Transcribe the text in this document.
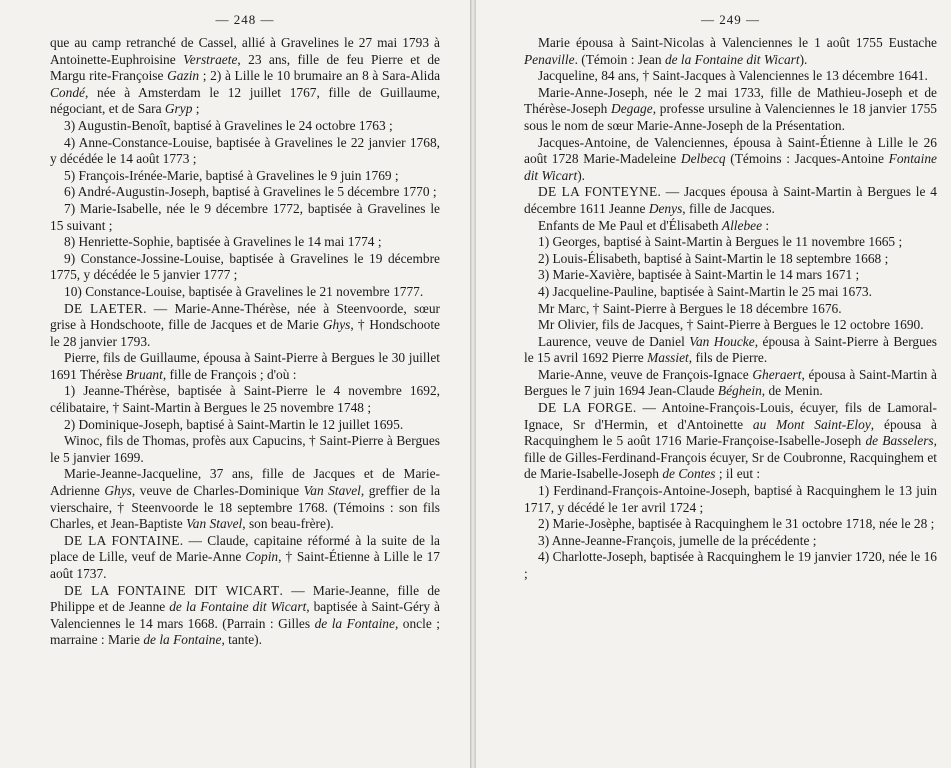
— 248 —

que au camp retranché de Cassel, allié à Gravelines le 27 mai 1793 à Antoinette-Euphroisine Verstraete, 23 ans, fille de feu Pierre et de Margu rite-Françoise Gazin ; 2) à Lille le 10 brumaire an 8 à Sara-Alida Condé, née à Amsterdam le 12 juillet 1767, fille de Guillaume, négociant, et de Sara Gryp ;

3) Augustin-Benoît, baptisé à Gravelines le 24 octobre 1763 ;

4) Anne-Constance-Louise, baptisée à Gravelines le 22 janvier 1768, y décédée le 14 août 1773 ;

5) François-Irénée-Marie, baptisé à Gravelines le 9 juin 1769 ;

6) André-Augustin-Joseph, baptisé à Gravelines le 5 décembre 1770 ;

7) Marie-Isabelle, née le 9 décembre 1772, baptisée à Gravelines le 15 suivant ;

8) Henriette-Sophie, baptisée à Gravelines le 14 mai 1774 ;

9) Constance-Jossine-Louise, baptisée à Gravelines le 19 décembre 1775, y décédée le 5 janvier 1777 ;

10) Constance-Louise, baptisée à Gravelines le 21 novembre 1777.

DE LAETER. — Marie-Anne-Thérèse, née à Steenvoorde, sœur grise à Hondschoote, fille de Jacques et de Marie Ghys, † Hondschoote le 28 janvier 1793.

Pierre, fils de Guillaume, épousa à Saint-Pierre à Bergues le 30 juillet 1691 Thérèse Bruant, fille de François ; d'où :

1) Jeanne-Thérèse, baptisée à Saint-Pierre le 4 novembre 1692, célibataire, † Saint-Martin à Bergues le 25 novembre 1748 ;

2) Dominique-Joseph, baptisé à Saint-Martin le 12 juillet 1695.

Winoc, fils de Thomas, profès aux Capucins, † Saint-Pierre à Bergues le 5 janvier 1699.

Marie-Jeanne-Jacqueline, 37 ans, fille de Jacques et de Marie-Adrienne Ghys, veuve de Charles-Dominique Van Stavel, greffier de la vierschaire, † Steenvoorde le 18 septembre 1768. (Témoins : son fils Charles, et Jean-Baptiste Van Stavel, son beau-frère).

DE LA FONTAINE. — Claude, capitaine réformé à la suite de la place de Lille, veuf de Marie-Anne Copin, † Saint-Étienne à Lille le 17 août 1737.

DE LA FONTAINE DIT WICART. — Marie-Jeanne, fille de Philippe et de Jeanne de la Fontaine dit Wicart, baptisée à Saint-Géry à Valenciennes le 14 mars 1668. (Parrain : Gilles de la Fontaine, oncle ; marraine : Marie de la Fontaine, tante).

— 249 —

Marie épousa à Saint-Nicolas à Valenciennes le 1 août 1755 Eustache Penaville. (Témoin : Jean de la Fontaine dit Wicart).

Jacqueline, 84 ans, † Saint-Jacques à Valenciennes le 13 décembre 1641.

Marie-Anne-Joseph, née le 2 mai 1733, fille de Mathieu-Joseph et de Thérèse-Joseph Degage, professe ursuline à Valenciennes le 18 janvier 1755 sous le nom de sœur Marie-Anne-Joseph de la Présentation.

Jacques-Antoine, de Valenciennes, épousa à Saint-Étienne à Lille le 26 août 1728 Marie-Madeleine Delbecq (Témoins : Jacques-Antoine Fontaine dit Wicart).

DE LA FONTEYNE. — Jacques épousa à Saint-Martin à Bergues le 4 décembre 1611 Jeanne Denys, fille de Jacques.

Enfants de Me Paul et d'Élisabeth Allebee :

1) Georges, baptisé à Saint-Martin à Bergues le 11 novembre 1665 ;

2) Louis-Élisabeth, baptisé à Saint-Martin le 18 septembre 1668 ;

3) Marie-Xavière, baptisée à Saint-Martin le 14 mars 1671 ;

4) Jacqueline-Pauline, baptisée à Saint-Martin le 25 mai 1673.

Mr Marc, † Saint-Pierre à Bergues le 18 décembre 1676.

Mr Olivier, fils de Jacques, † Saint-Pierre à Bergues le 12 octobre 1690.

Laurence, veuve de Daniel Van Houcke, épousa à Saint-Pierre à Bergues le 15 avril 1692 Pierre Massiet, fils de Pierre.

Marie-Anne, veuve de François-Ignace Gheraert, épousa à Saint-Martin à Bergues le 7 juin 1694 Jean-Claude Béghein, de Menin.

DE LA FORGE. — Antoine-François-Louis, écuyer, fils de Lamoral-Ignace, Sr d'Hermin, et d'Antoinette au Mont Saint-Eloy, épousa à Racquinghem le 5 août 1716 Marie-Françoise-Isabelle-Joseph de Basselers, fille de Gilles-Ferdinand-François écuyer, Sr de Coubronne, Racquinghem et de Marie-Isabelle-Joseph de Contes ; il eut :

1) Ferdinand-François-Antoine-Joseph, baptisé à Racquinghem le 13 juin 1717, y décédé le 1er avril 1724 ;

2) Marie-Josèphe, baptisée à Racquinghem le 31 octobre 1718, née le 28 ;

3) Anne-Jeanne-François, jumelle de la précédente ;

4) Charlotte-Joseph, baptisée à Racquinghem le 19 janvier 1720, née le 16 ;
